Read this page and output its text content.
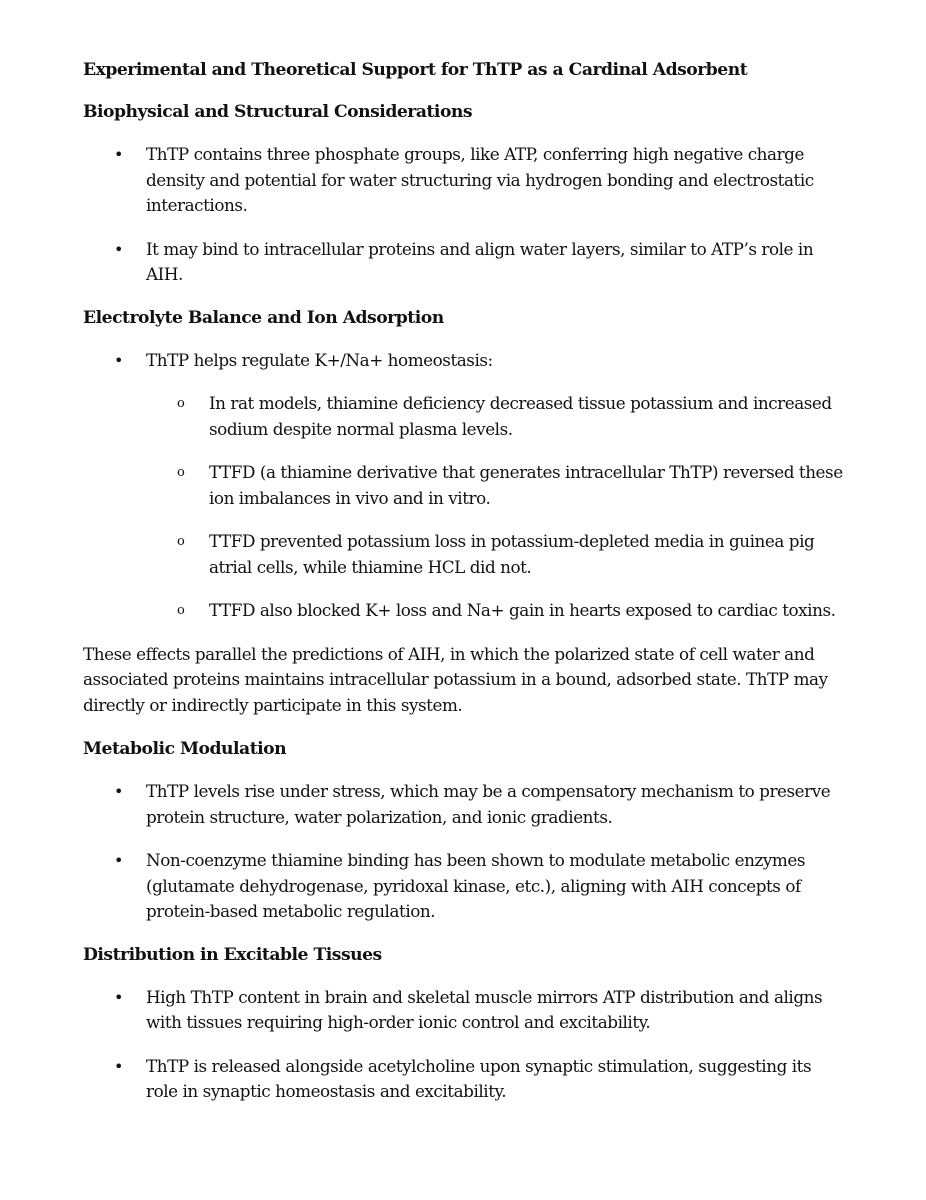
Experimental and Theoretical Support for ThTP as a Cardinal Adsorbent
Biophysical and Structural Considerations
• ThTP contains three phosphate groups, like ATP, conferring high negative charge density and potential for water structuring via hydrogen bonding and electrostatic interactions.
• It may bind to intracellular proteins and align water layers, similar to ATP’s role in AIH.
Electrolyte Balance and Ion Adsorption
• ThTP helps regulate K+/Na+ homeostasis:
o In rat models, thiamine deficiency decreased tissue potassium and increased sodium despite normal plasma levels.
o TTFD (a thiamine derivative that generates intracellular ThTP) reversed these ion imbalances in vivo and in vitro.
o TTFD prevented potassium loss in potassium-depleted media in guinea pig atrial cells, while thiamine HCL did not.
o TTFD also blocked K+ loss and Na+ gain in hearts exposed to cardiac toxins.

These effects parallel the predictions of AIH, in which the polarized state of cell water and associated proteins maintains intracellular potassium in a bound, adsorbed state. ThTP may directly or indirectly participate in this system.

Metabolic Modulation
• ThTP levels rise under stress, which may be a compensatory mechanism to preserve protein structure, water polarization, and ionic gradients.
• Non-coenzyme thiamine binding has been shown to modulate metabolic enzymes (glutamate dehydrogenase, pyridoxal kinase, etc.), aligning with AIH concepts of protein-based metabolic regulation.
Distribution in Excitable Tissues
• High ThTP content in brain and skeletal muscle mirrors ATP distribution and aligns with tissues requiring high-order ionic control and excitability.
• ThTP is released alongside acetylcholine upon synaptic stimulation, suggesting its role in synaptic homeostasis and excitability.
